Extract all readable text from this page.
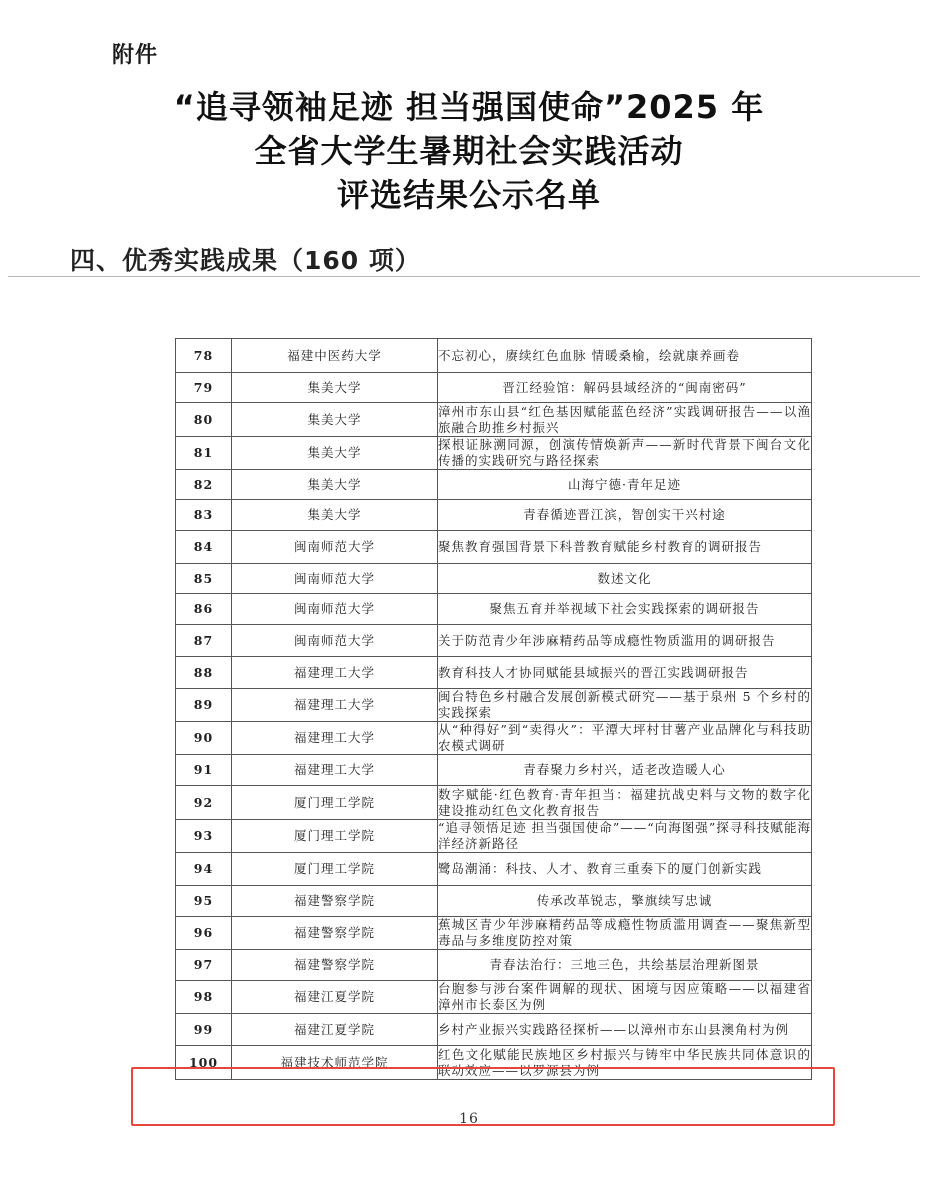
附件
“追寻领袖足迹 担当强国使命”2025 年
全省大学生暑期社会实践活动
评选结果公示名单
四、优秀实践成果（160 项）
78	福建中医药大学	不忘初心，赓续红色血脉 情暖桑榆，绘就康养画卷
79	集美大学	晋江经验馆：解码县域经济的“闽南密码”
80	集美大学	漳州市东山县“红色基因赋能蓝色经济”实践调研报告——以渔旅融合助推乡村振兴
81	集美大学	探根证脉溯同源，创演传情焕新声——新时代背景下闽台文化传播的实践研究与路径探索
82	集美大学	山海宁德·青年足迹
83	集美大学	青春循迹晋江滨，智创实干兴村途
84	闽南师范大学	聚焦教育强国背景下科普教育赋能乡村教育的调研报告
85	闽南师范大学	数述文化
86	闽南师范大学	聚焦五育并举视域下社会实践探索的调研报告
87	闽南师范大学	关于防范青少年涉麻精药品等成瘾性物质滥用的调研报告
88	福建理工大学	教育科技人才协同赋能县域振兴的晋江实践调研报告
89	福建理工大学	闽台特色乡村融合发展创新模式研究——基于泉州 5 个乡村的实践探索
90	福建理工大学	从“种得好”到“卖得火”：平潭大坪村甘薯产业品牌化与科技助农模式调研
91	福建理工大学	青春聚力乡村兴，适老改造暖人心
92	厦门理工学院	数字赋能·红色教育·青年担当：福建抗战史料与文物的数字化建设推动红色文化教育报告
93	厦门理工学院	“追寻领悟足迹 担当强国使命”——“向海图强”探寻科技赋能海洋经济新路径
94	厦门理工学院	鹭岛潮涌：科技、人才、教育三重奏下的厦门创新实践
95	福建警察学院	传承改革锐志，擎旗续写忠诚
96	福建警察学院	蕉城区青少年涉麻精药品等成瘾性物质滥用调查——聚焦新型毒品与多维度防控对策
97	福建警察学院	青春法治行：三地三色，共绘基层治理新图景
98	福建江夏学院	台胞参与涉台案件调解的现状、困境与因应策略——以福建省漳州市长泰区为例
99	福建江夏学院	乡村产业振兴实践路径探析——以漳州市东山县澳角村为例
100	福建技术师范学院	红色文化赋能民族地区乡村振兴与铸牢中华民族共同体意识的联动效应——以罗源县为例
16
